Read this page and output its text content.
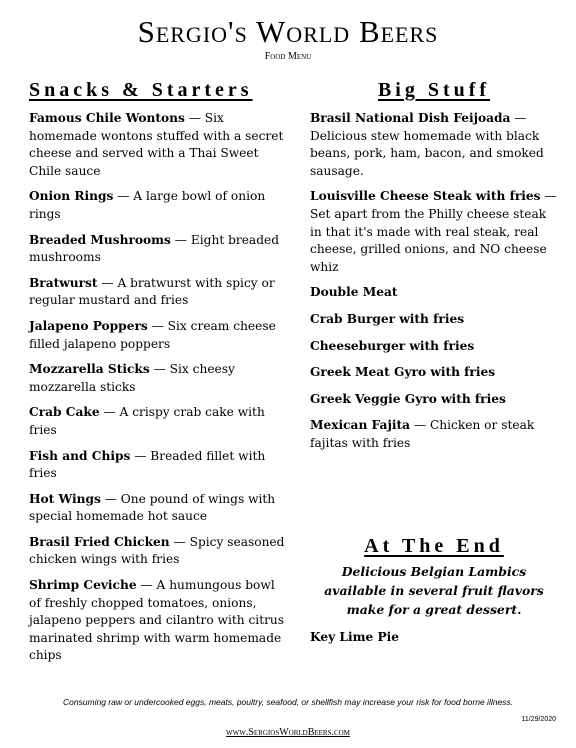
Sergio's World Beers
Food Menu
Snacks & Starters
Famous Chile Wontons — Six homemade wontons stuffed with a secret cheese and served with a Thai Sweet Chile sauce
Onion Rings — A large bowl of onion rings
Breaded Mushrooms — Eight breaded mushrooms
Bratwurst — A bratwurst with spicy or regular mustard and fries
Jalapeno Poppers — Six cream cheese filled jalapeno poppers
Mozzarella Sticks — Six cheesy mozzarella sticks
Crab Cake — A crispy crab cake with fries
Fish and Chips — Breaded fillet with fries
Hot Wings — One pound of wings with special homemade hot sauce
Brasil Fried Chicken — Spicy seasoned chicken wings with fries
Shrimp Ceviche — A humungous bowl of freshly chopped tomatoes, onions, jalapeno peppers and cilantro with citrus marinated shrimp with warm homemade chips
Big Stuff
Brasil National Dish Feijoada — Delicious stew homemade with black beans, pork, ham, bacon, and smoked sausage.
Louisville Cheese Steak with fries — Set apart from the Philly cheese steak in that it's made with real steak, real cheese, grilled onions, and NO cheese whiz
Double Meat
Crab Burger with fries
Cheeseburger with fries
Greek Meat Gyro with fries
Greek Veggie Gyro with fries
Mexican Fajita — Chicken or steak fajitas with fries
At The End
Delicious Belgian Lambics available in several fruit flavors make for a great dessert.
Key Lime Pie
Consuming raw or undercooked eggs, meats, poultry, seafood, or shellfish may increase your risk for food borne illness.
11/29/2020
www.SergiosWorldBeers.com
